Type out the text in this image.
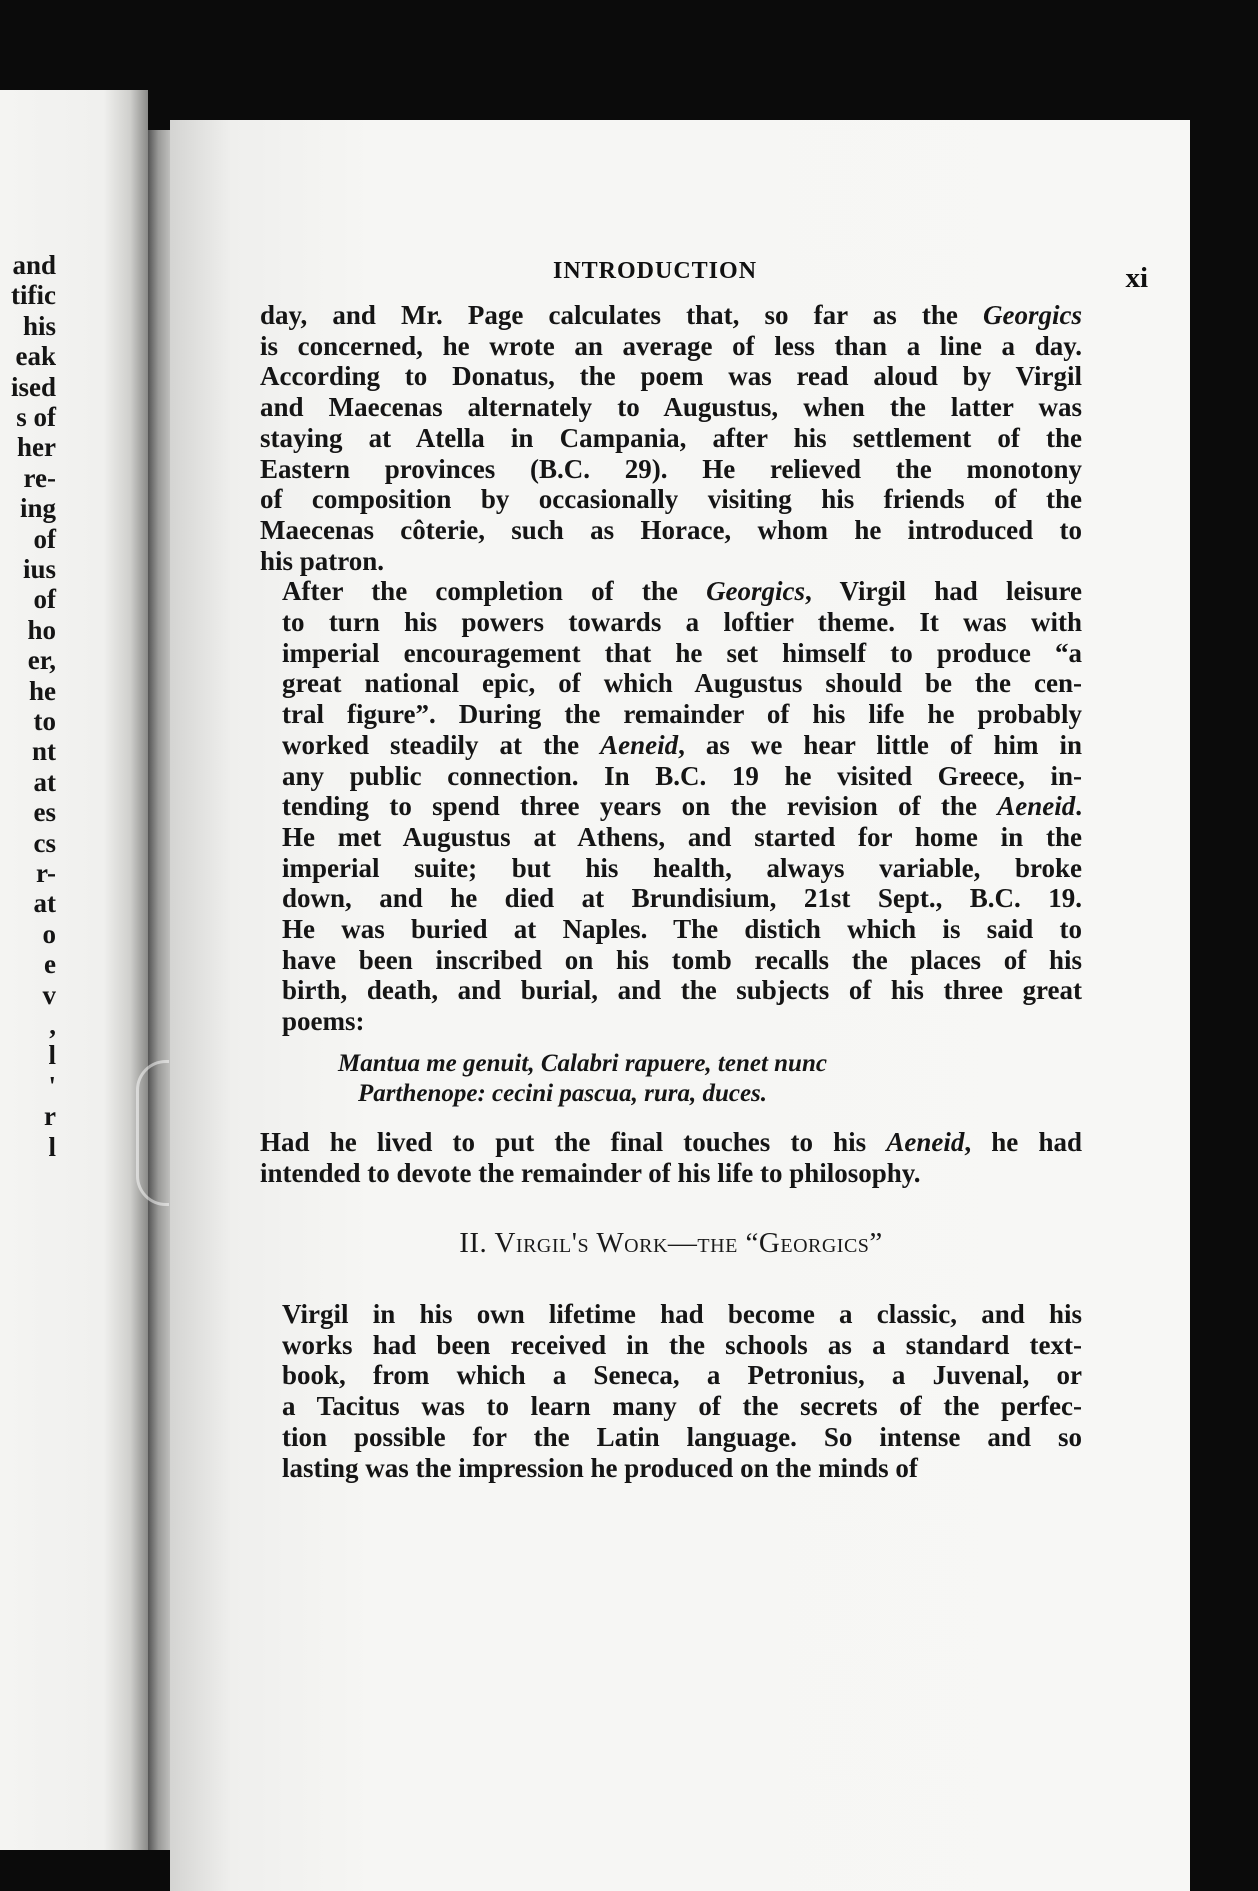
and
tific
his
eak
ised
s of
her
re-
ing
of
ius
of
ho
er,
he
to
nt
at
es
cs
r-
at
o
e
v
,
l
'
r
l
INTRODUCTION	xi
day, and Mr. Page calculates that, so far as the Georgics
is concerned, he wrote an average of less than a line a day.
According to Donatus, the poem was read aloud by Virgil
and Maecenas alternately to Augustus, when the latter was
staying at Atella in Campania, after his settlement of the
Eastern provinces (B.C. 29). He relieved the monotony
of composition by occasionally visiting his friends of the
Maecenas côterie, such as Horace, whom he introduced to
his patron.
After the completion of the Georgics, Virgil had leisure
to turn his powers towards a loftier theme. It was with
imperial encouragement that he set himself to produce “a
great national epic, of which Augustus should be the cen-
tral figure”. During the remainder of his life he probably
worked steadily at the Aeneid, as we hear little of him in
any public connection. In B.C. 19 he visited Greece, in-
tending to spend three years on the revision of the Aeneid.
He met Augustus at Athens, and started for home in the
imperial suite; but his health, always variable, broke
down, and he died at Brundisium, 21st Sept., B.C. 19.
He was buried at Naples. The distich which is said to
have been inscribed on his tomb recalls the places of his
birth, death, and burial, and the subjects of his three great
poems:
Mantua me genuit, Calabri rapuere, tenet nunc
Parthenope: cecini pascua, rura, duces.
Had he lived to put the final touches to his Aeneid, he had
intended to devote the remainder of his life to philosophy.
II. Virgil's Work—the “Georgics”
Virgil in his own lifetime had become a classic, and his
works had been received in the schools as a standard text-
book, from which a Seneca, a Petronius, a Juvenal, or
a Tacitus was to learn many of the secrets of the perfec-
tion possible for the Latin language. So intense and so
lasting was the impression he produced on the minds of
